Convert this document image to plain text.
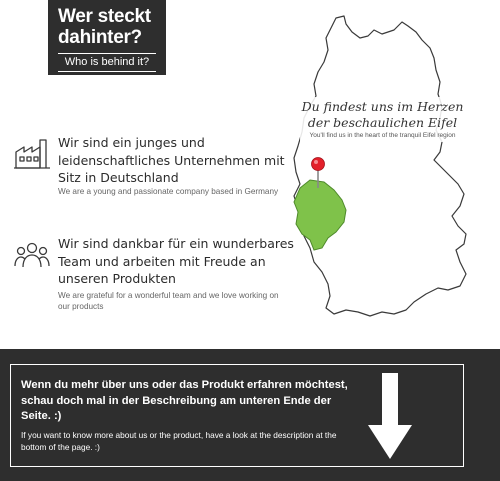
Wer steckt dahinter?
Who is behind it?
Du findest uns im Herzen der beschaulichen Eifel
You'll find us in the heart of the tranquil Eifel region
Wir sind ein junges und leidenschaftliches Unternehmen mit Sitz in Deutschland
We are a young and passionate company based in Germany
Wir sind dankbar für ein wunderbares Team und arbeiten mit Freude an unseren Produkten
We are grateful for a wonderful team and we love working on our products
Wenn du mehr über uns oder das Produkt erfahren möchtest, schau doch mal in der Beschreibung am unteren Ende der Seite. :)
If you want to know more about us or the product, have a look at the description at the bottom of the page. :)
